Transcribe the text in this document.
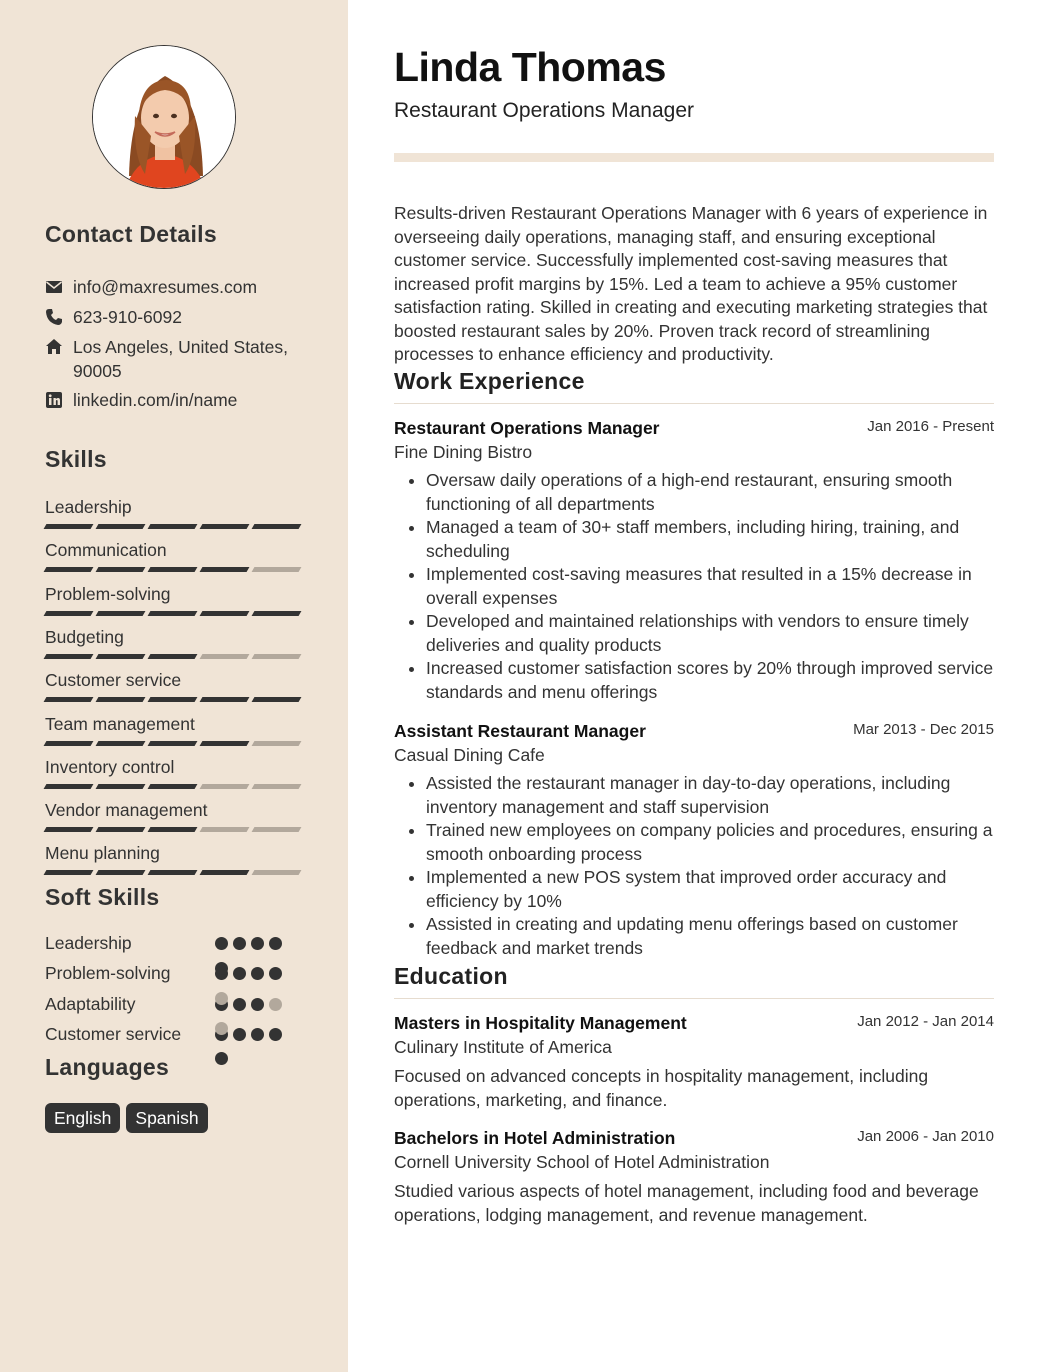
Contact Details
info@maxresumes.com
623-910-6092
Los Angeles, United States, 90005
linkedin.com/in/name
Skills
Leadership
Communication
Problem-solving
Budgeting
Customer service
Team management
Inventory control
Vendor management
Menu planning
Soft Skills
Leadership
Problem-solving
Adaptability
Customer service
Languages
English	Spanish
Linda Thomas
Restaurant Operations Manager
Results-driven Restaurant Operations Manager with 6 years of experience in overseeing daily operations, managing staff, and ensuring exceptional customer service. Successfully implemented cost-saving measures that increased profit margins by 15%. Led a team to achieve a 95% customer satisfaction rating. Skilled in creating and executing marketing strategies that boosted restaurant sales by 20%. Proven track record of streamlining processes to enhance efficiency and productivity.
Work Experience
Restaurant Operations Manager	Jan 2016 - Present
Fine Dining Bistro
• Oversaw daily operations of a high-end restaurant, ensuring smooth functioning of all departments
• Managed a team of 30+ staff members, including hiring, training, and scheduling
• Implemented cost-saving measures that resulted in a 15% decrease in overall expenses
• Developed and maintained relationships with vendors to ensure timely deliveries and quality products
• Increased customer satisfaction scores by 20% through improved service standards and menu offerings
Assistant Restaurant Manager	Mar 2013 - Dec 2015
Casual Dining Cafe
• Assisted the restaurant manager in day-to-day operations, including inventory management and staff supervision
• Trained new employees on company policies and procedures, ensuring a smooth onboarding process
• Implemented a new POS system that improved order accuracy and efficiency by 10%
• Assisted in creating and updating menu offerings based on customer feedback and market trends
Education
Masters in Hospitality Management	Jan 2012 - Jan 2014
Culinary Institute of America
Focused on advanced concepts in hospitality management, including operations, marketing, and finance.
Bachelors in Hotel Administration	Jan 2006 - Jan 2010
Cornell University School of Hotel Administration
Studied various aspects of hotel management, including food and beverage operations, lodging management, and revenue management.
